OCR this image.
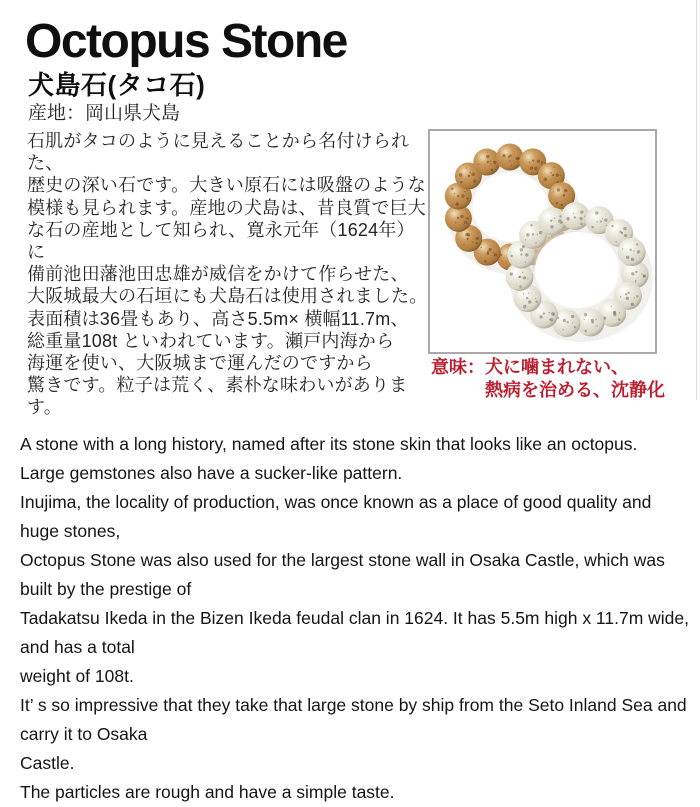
Octopus Stone
犬島石(タコ石)
産地：岡山県犬島
石肌がタコのように見えることから名付けられた、
歴史の深い石です。大きい原石には吸盤のような
模様も見られます。産地の犬島は、昔良質で巨大
な石の産地として知られ、寛永元年（1624年）に
備前池田藩池田忠雄が威信をかけて作らせた、
大阪城最大の石垣にも犬島石は使用されました。
表面積は36畳もあり、高さ5.5m× 横幅11.7m、
総重量108t といわれています。瀬戸内海から
海運を使い、大阪城まで運んだのですから
驚きです。粒子は荒く、素朴な味わいがあります。
意味：犬に噛まれない、
熱病を治める、沈静化
A stone with a long history, named after its stone skin that looks like an octopus.
Large gemstones also have a sucker-like pattern.
Inujima, the locality of production, was once known as a place of good quality and huge stones,
Octopus Stone was also used for the largest stone wall in Osaka Castle, which was built by the prestige of
Tadakatsu Ikeda in the Bizen Ikeda feudal clan in 1624. It has 5.5m high x 11.7m wide, and has a total
weight of 108t.
It’ s so impressive that they take that large stone by ship from the Seto Inland Sea and carry it to Osaka
Castle.
The particles are rough and have a simple taste.
